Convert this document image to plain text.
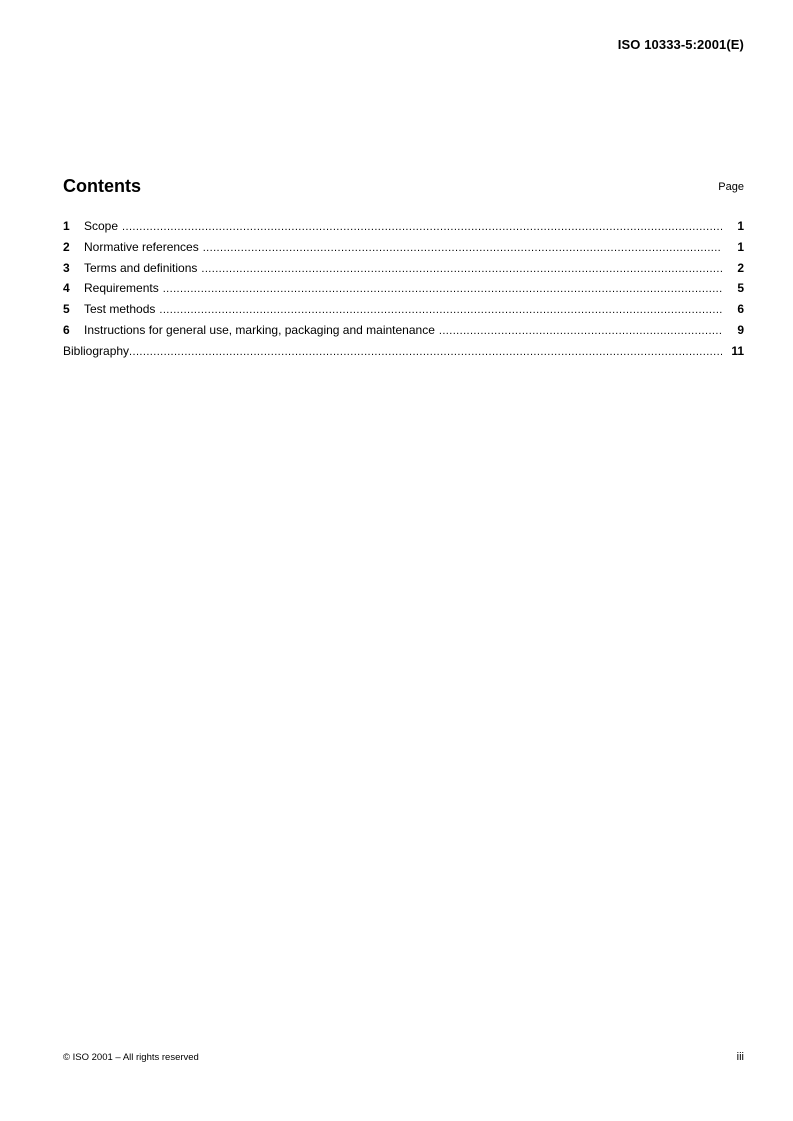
ISO 10333-5:2001(E)
Contents	Page
1	Scope .....	1
2	Normative references .....	1
3	Terms and definitions .....	2
4	Requirements .....	5
5	Test methods .....	6
6	Instructions for general use, marking, packaging and maintenance .....	9
Bibliography .....	11
© ISO 2001 – All rights reserved	iii
